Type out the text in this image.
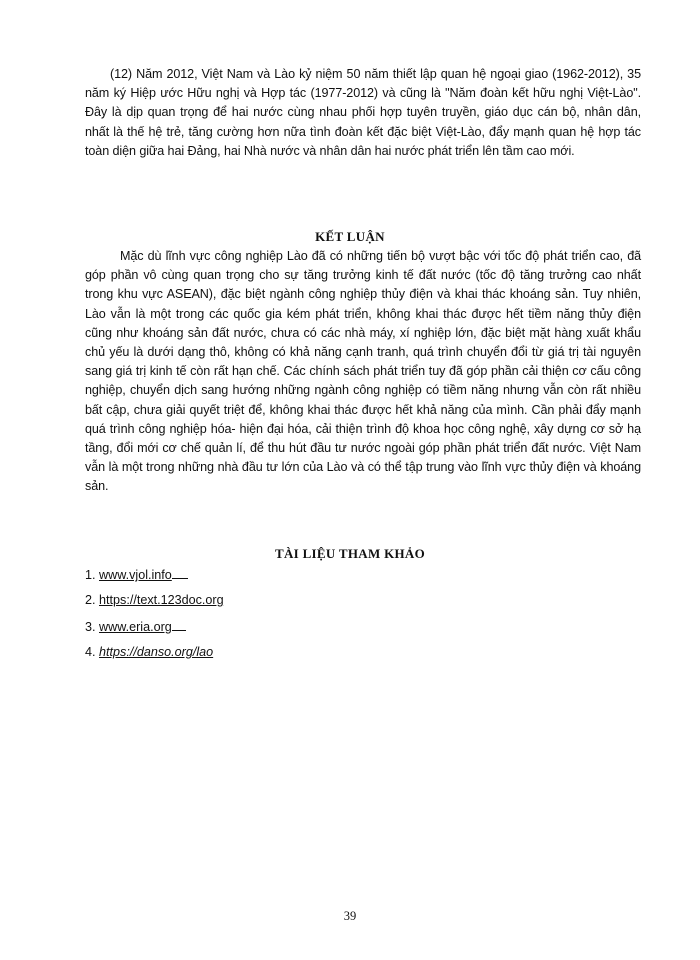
(12) Năm 2012, Việt Nam và Lào kỷ niệm 50 năm thiết lập quan hệ ngoại giao (1962-2012), 35 năm ký Hiệp ước Hữu nghị và Hợp tác (1977-2012) và cũng là "Năm đoàn kết hữu nghị Việt-Lào". Đây là dịp quan trọng để hai nước cùng nhau phối hợp tuyên truyền, giáo dục cán bộ, nhân dân, nhất là thế hệ trẻ, tăng cường hơn nữa tình đoàn kết đặc biệt Việt-Lào, đẩy mạnh quan hệ hợp tác toàn diện giữa hai Đảng, hai Nhà nước và nhân dân hai nước phát triển lên tầm cao mới.

KẾT LUẬN

Mặc dù lĩnh vực công nghiệp Lào đã có những tiến bộ vượt bậc với tốc độ phát triển cao, đã góp phần vô cùng quan trọng cho sự tăng trưởng kinh tế đất nước (tốc độ tăng trưởng cao nhất trong khu vực ASEAN), đặc biệt ngành công nghiệp thủy điện và khai thác khoáng sản. Tuy nhiên, Lào vẫn là một trong các quốc gia kém phát triển, không khai thác được hết tiềm năng thủy điện cũng như khoáng sản đất nước, chưa có các nhà máy, xí nghiệp lớn, đặc biệt mặt hàng xuất khẩu chủ yếu là dưới dạng thô, không có khả năng cạnh tranh, quá trình chuyển đổi từ giá trị tài nguyên sang giá trị kinh tế còn rất hạn chế. Các chính sách phát triển tuy đã góp phần cải thiện cơ cấu công nghiệp, chuyển dịch sang hướng những ngành công nghiệp có tiềm năng nhưng vẫn còn rất nhiều bất cập, chưa giải quyết triệt để, không khai thác được hết khả năng của mình. Cần phải đẩy mạnh quá trình công nghiệp hóa- hiện đại hóa, cải thiện trình độ khoa học công nghệ, xây dựng cơ sở hạ tầng, đổi mới cơ chế quản lí, để thu hút đầu tư nước ngoài góp phần phát triển đất nước. Việt Nam vẫn là một trong những nhà đầu tư lớn của Lào và có thể tập trung vào lĩnh vực thủy điện và khoáng sản.

TÀI LIỆU THAM KHẢO
1. www.vjol.info
2. https://text.123doc.org
3. www.eria.org
4. https://danso.org/lao
39
